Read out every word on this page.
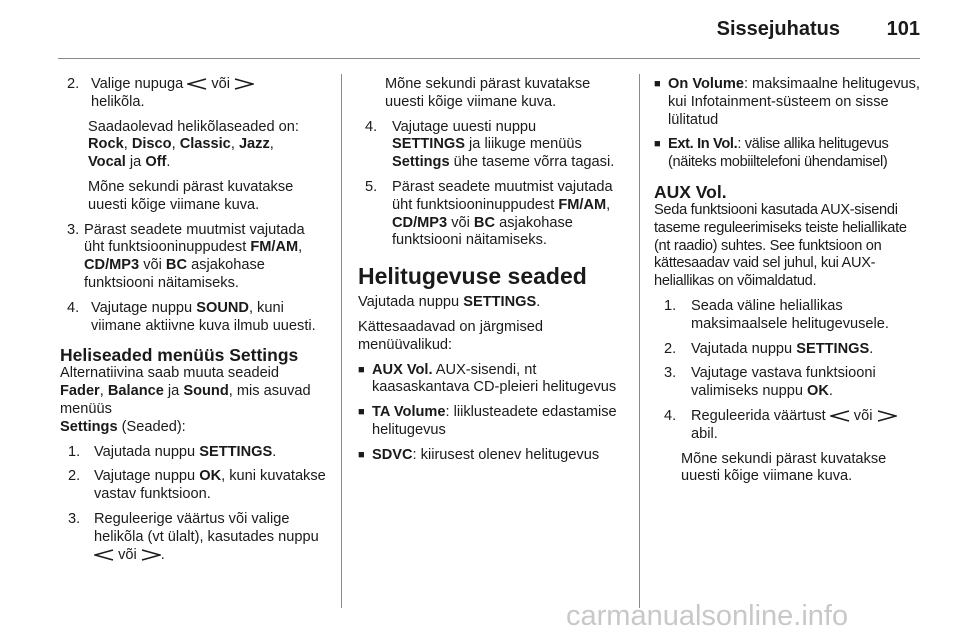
Sissejuhatus	101
2. Valige nupuga või
helikõla.
Saadaolevad helikõlaseaded on:
Rock, Disco, Classic, Jazz,
Vocal ja Off.
Mõne sekundi pärast kuvatakse uuesti kõige viimane kuva.
3. Pärast seadete muutmist vajutada üht funktsiooninuppudest FM/AM, CD/MP3 või BC asjakohase funktsiooni näitamiseks.
4. Vajutage nuppu SOUND, kuni viimane aktiivne kuva ilmub uuesti.
Heliseaded menüüs Settings
Alternatiivina saab muuta seadeid
Fader, Balance ja Sound, mis asuvad menüüs
Settings (Seaded):
1. Vajutada nuppu SETTINGS.
2. Vajutage nuppu OK, kuni kuvatakse vastav funktsioon.
3. Reguleerige väärtus või valige helikõla (vt ülalt), kasutades nuppu  või .
Mõne sekundi pärast kuvatakse uuesti kõige viimane kuva.
4.	Vajutage uuesti nuppu
SETTINGS ja liikuge menüüs
Settings ühe taseme võrra tagasi.
5.	Pärast seadete muutmist vajutada üht funktsiooninuppudest FM/AM, CD/MP3 või BC asjakohase funktsiooni näitamiseks.
Helitugevuse seaded
Vajutada nuppu SETTINGS.
Kättesaadavad on järgmised menüüvalikud:
■ AUX Vol. AUX-sisendi, nt kaasaskantava CD-pleieri helitugevus
■ TA Volume: liiklusteadete edastamise helitugevus
■ SDVC: kiirusest olenev helitugevus
■ On Volume: maksimaalne helitugevus, kui Infotainment-süsteem on sisse lülitatud
■ Ext. In Vol.: välise allika helitugevus (näiteks mobiiltelefoni ühendamisel)
AUX Vol.
Seda funktsiooni kasutada AUX-sisendi taseme reguleerimiseks teiste heliallikate (nt raadio) suhtes. See funktsioon on kättesaadav vaid sel juhul, kui AUX-heliallikas on võimaldatud.
1.	Seada väline heliallikas maksimaalsele helitugevusele.
2.	Vajutada nuppu SETTINGS.
3.	Vajutage vastava funktsiooni valimiseks nuppu OK.
4.	Reguleerida väärtust või
abil.
Mõne sekundi pärast kuvatakse uuesti kõige viimane kuva.
carmanualsonline.info
